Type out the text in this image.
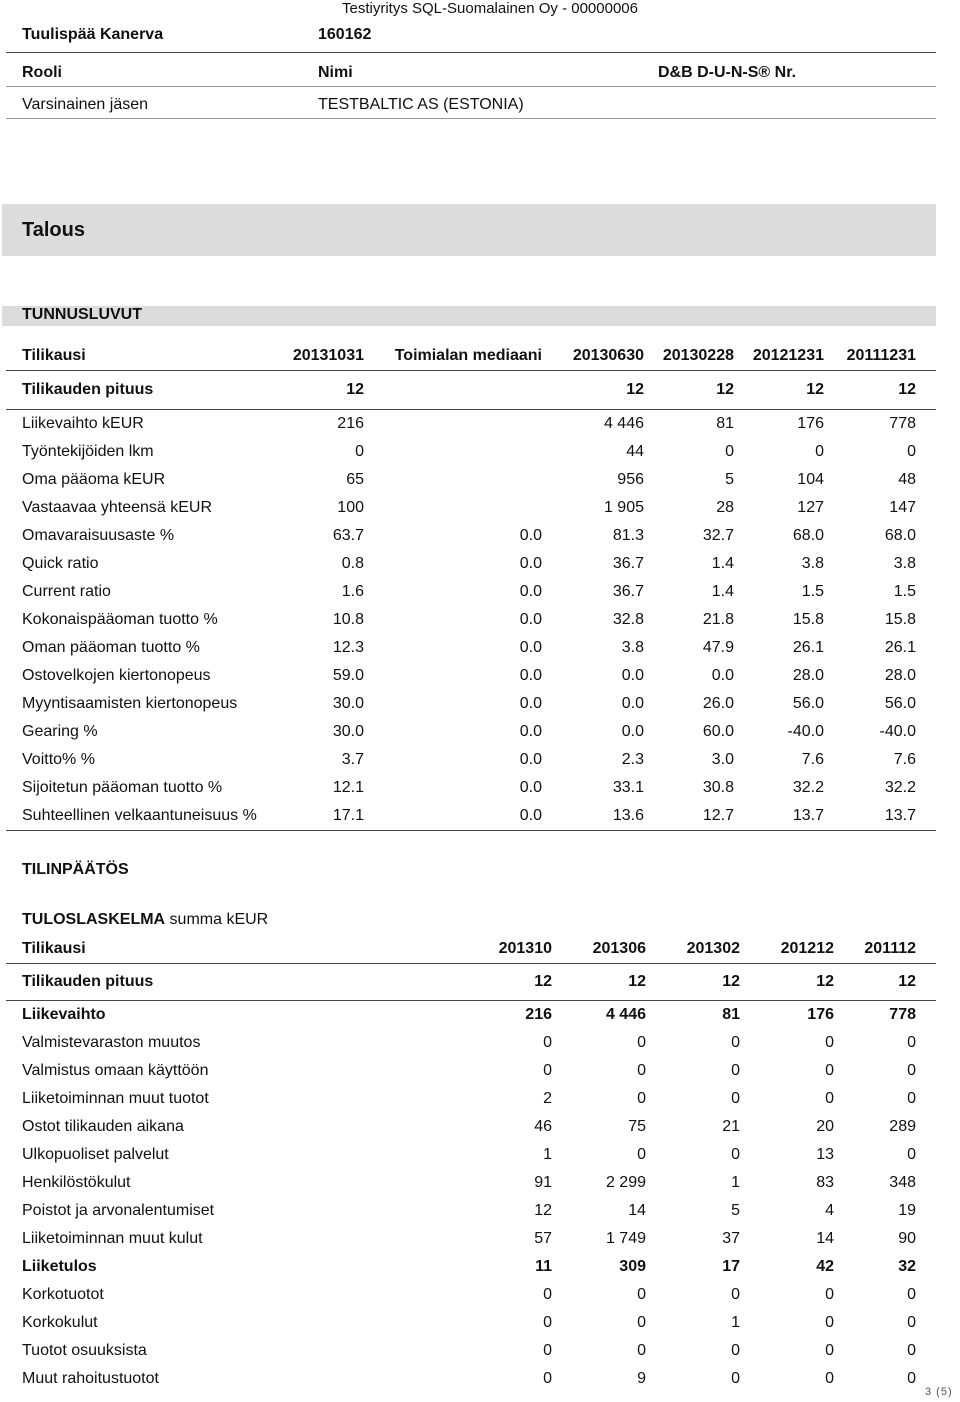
Testiyritys SQL-Suomalainen Oy - 00000006
Tuulispää Kanerva	160162
Rooli	Nimi	D&B D-U-N-S® Nr.
Varsinainen jäsen	TESTBALTIC AS (ESTONIA)
Talous
TUNNUSLUVUT
Tilikausi	20131031	Toimialan mediaani	20130630	20130228	20121231	20111231
Tilikauden pituus	12		12	12	12	12
Liikevaihto kEUR	216		4 446	81	176	778
Työntekijöiden lkm	0		44	0	0	0
Oma pääoma kEUR	65		956	5	104	48
Vastaavaa yhteensä kEUR	100		1 905	28	127	147
Omavaraisuusaste %	63.7	0.0	81.3	32.7	68.0	68.0
Quick ratio	0.8	0.0	36.7	1.4	3.8	3.8
Current ratio	1.6	0.0	36.7	1.4	1.5	1.5
Kokonaispääoman tuotto %	10.8	0.0	32.8	21.8	15.8	15.8
Oman pääoman tuotto %	12.3	0.0	3.8	47.9	26.1	26.1
Ostovelkojen kiertonopeus	59.0	0.0	0.0	0.0	28.0	28.0
Myyntisaamisten kiertonopeus	30.0	0.0	0.0	26.0	56.0	56.0
Gearing %	30.0	0.0	0.0	60.0	-40.0	-40.0
Voitto% %	3.7	0.0	2.3	3.0	7.6	7.6
Sijoitetun pääoman tuotto %	12.1	0.0	33.1	30.8	32.2	32.2
Suhteellinen velkaantuneisuus %	17.1	0.0	13.6	12.7	13.7	13.7

TILINPÄÄTÖS
TULOSLASKELMA summa kEUR
Tilikausi	201310	201306	201302	201212	201112
Tilikauden pituus	12	12	12	12	12
Liikevaihto	216	4 446	81	176	778
Valmistevaraston muutos	0	0	0	0	0
Valmistus omaan käyttöön	0	0	0	0	0
Liiketoiminnan muut tuotot	2	0	0	0	0
Ostot tilikauden aikana	46	75	21	20	289
Ulkopuoliset palvelut	1	0	0	13	0
Henkilöstökulut	91	2 299	1	83	348
Poistot ja arvonalentumiset	12	14	5	4	19
Liiketoiminnan muut kulut	57	1 749	37	14	90
Liiketulos	11	309	17	42	32
Korkotuotot	0	0	0	0	0
Korkokulut	0	0	1	0	0
Tuotot osuuksista	0	0	0	0	0
Muut rahoitustuotot	0	9	0	0	0
3 (5)
